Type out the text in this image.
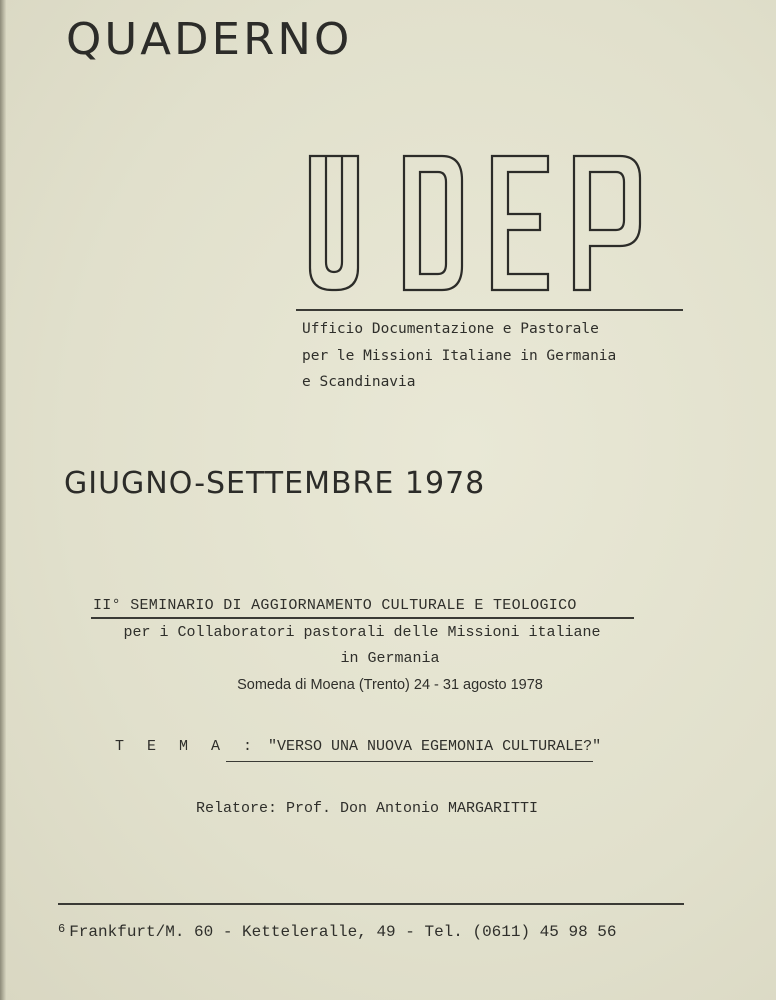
QUADERNO
Ufficio Documentazione e Pastorale
per le Missioni Italiane in Germania
e Scandinavia
GIUGNO-SETTEMBRE 1978
II° SEMINARIO DI AGGIORNAMENTO CULTURALE E TEOLOGICO
per i Collaboratori pastorali delle Missioni italiane
in Germania
Someda di Moena (Trento) 24 - 31 agosto 1978
T E M A : "VERSO UNA NUOVA EGEMONIA CULTURALE?"
Relatore: Prof. Don Antonio MARGARITTI
$^6$ Frankfurt/M. 60 - Ketteleralle, 49 - Tel. (0611) 45 98 56
